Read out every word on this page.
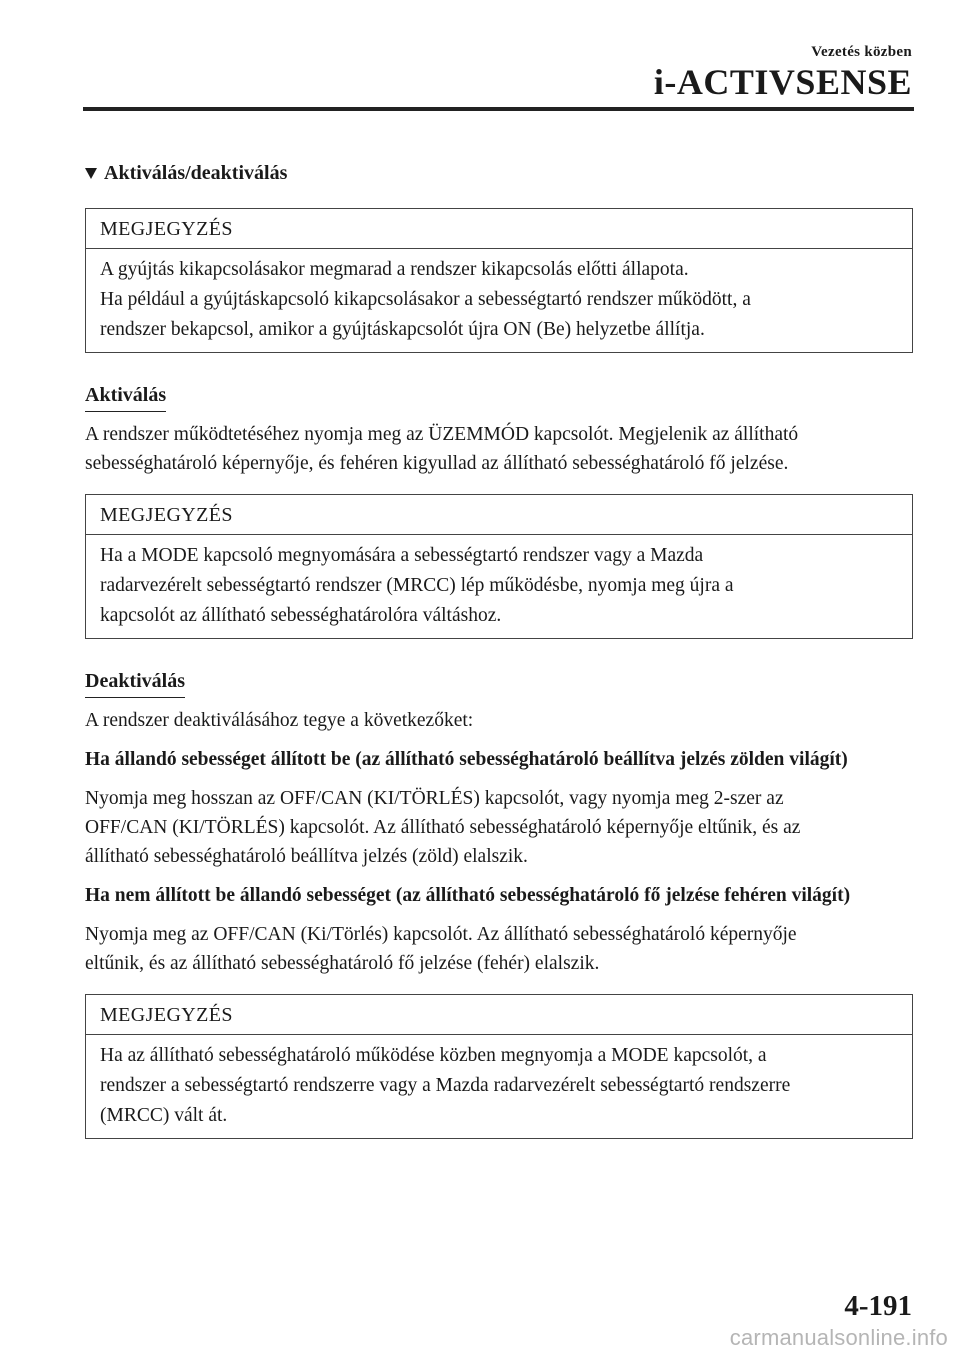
Vezetés közben
i-ACTIVSENSE
Aktiválás/deaktiválás
MEGJEGYZÉS
A gyújtás kikapcsolásakor megmarad a rendszer kikapcsolás előtti állapota.
Ha például a gyújtáskapcsoló kikapcsolásakor a sebességtartó rendszer működött, a
rendszer bekapcsol, amikor a gyújtáskapcsolót újra ON (Be) helyzetbe állítja.
Aktiválás

A rendszer működtetéséhez nyomja meg az ÜZEMMÓD kapcsolót. Megjelenik az állítható
sebességhatároló képernyője, és fehéren kigyullad az állítható sebességhatároló fő jelzése.

MEGJEGYZÉS
Ha a MODE kapcsoló megnyomására a sebességtartó rendszer vagy a Mazda
radarvezérelt sebességtartó rendszer (MRCC) lép működésbe, nyomja meg újra a
kapcsolót az állítható sebességhatárolóra váltáshoz.
Deaktiválás

A rendszer deaktiválásához tegye a következőket:

Ha állandó sebességet állított be (az állítható sebességhatároló beállítva jelzés zölden világít)

Nyomja meg hosszan az OFF/CAN (KI/TÖRLÉS) kapcsolót, vagy nyomja meg 2-szer az
OFF/CAN (KI/TÖRLÉS) kapcsolót. Az állítható sebességhatároló képernyője eltűnik, és az
állítható sebességhatároló beállítva jelzés (zöld) elalszik.

Ha nem állított be állandó sebességet (az állítható sebességhatároló fő jelzése fehéren világít)

Nyomja meg az OFF/CAN (Ki/Törlés) kapcsolót. Az állítható sebességhatároló képernyője
eltűnik, és az állítható sebességhatároló fő jelzése (fehér) elalszik.

MEGJEGYZÉS
Ha az állítható sebességhatároló működése közben megnyomja a MODE kapcsolót, a
rendszer a sebességtartó rendszerre vagy a Mazda radarvezérelt sebességtartó rendszerre
(MRCC) vált át.
4-191
carmanualsonline.info
